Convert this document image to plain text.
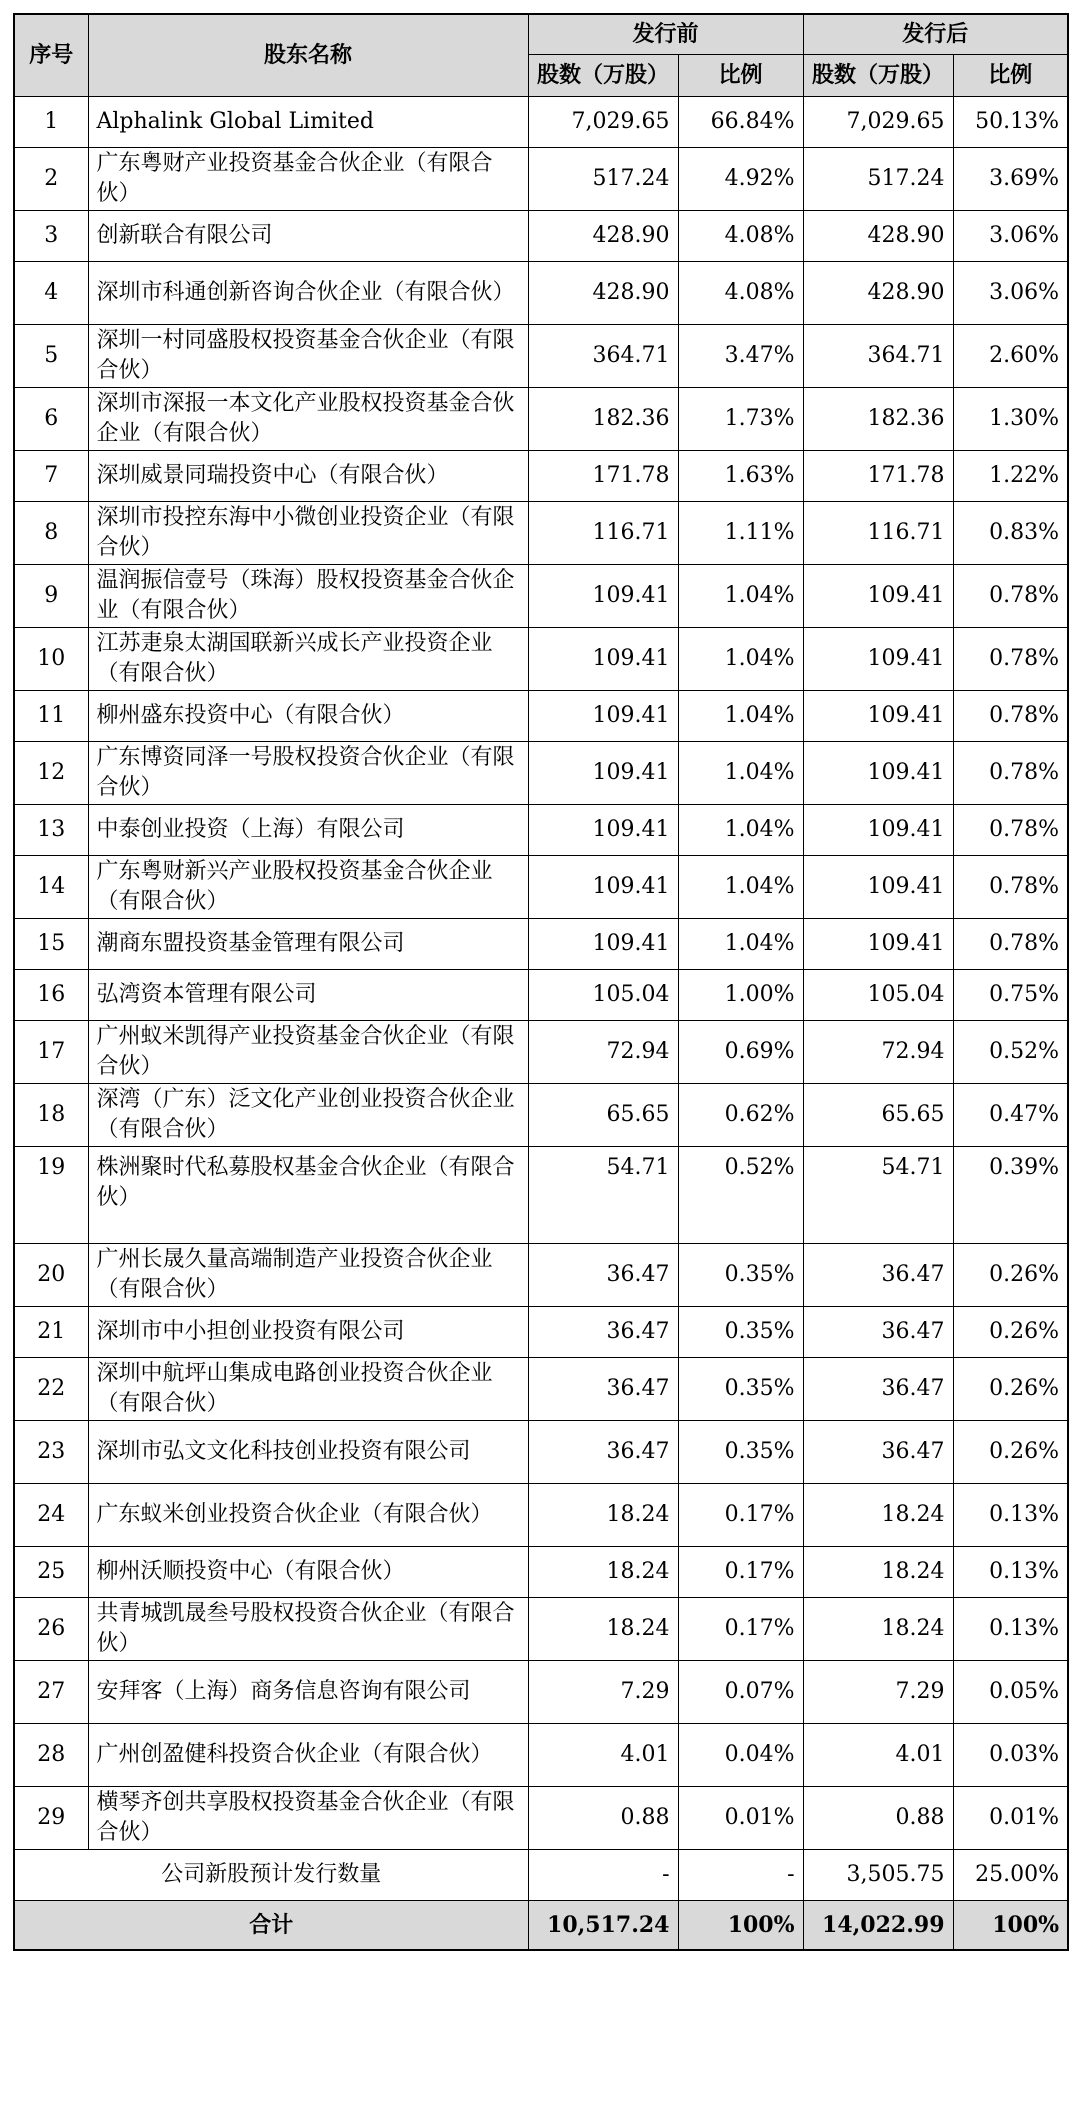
序号	股东名称	发行前		发行后	
		股数（万股）	比例	股数（万股）	比例
1	Alphalink Global Limited	7,029.65	66.84%	7,029.65	50.13%
2	广东粤财产业投资基金合伙企业（有限合伙）	517.24	4.92%	517.24	3.69%
3	创新联合有限公司	428.90	4.08%	428.90	3.06%
4	深圳市科通创新咨询合伙企业（有限合伙）	428.90	4.08%	428.90	3.06%
5	深圳一村同盛股权投资基金合伙企业（有限合伙）	364.71	3.47%	364.71	2.60%
6	深圳市深报一本文化产业股权投资基金合伙企业（有限合伙）	182.36	1.73%	182.36	1.30%
7	深圳威景同瑞投资中心（有限合伙）	171.78	1.63%	171.78	1.22%
8	深圳市投控东海中小微创业投资企业（有限合伙）	116.71	1.11%	116.71	0.83%
9	温润振信壹号（珠海）股权投资基金合伙企业（有限合伙）	109.41	1.04%	109.41	0.78%
10	江苏疌泉太湖国联新兴成长产业投资企业（有限合伙）	109.41	1.04%	109.41	0.78%
11	柳州盛东投资中心（有限合伙）	109.41	1.04%	109.41	0.78%
12	广东博资同泽一号股权投资合伙企业（有限合伙）	109.41	1.04%	109.41	0.78%
13	中泰创业投资（上海）有限公司	109.41	1.04%	109.41	0.78%
14	广东粤财新兴产业股权投资基金合伙企业（有限合伙）	109.41	1.04%	109.41	0.78%
15	潮商东盟投资基金管理有限公司	109.41	1.04%	109.41	0.78%
16	弘湾资本管理有限公司	105.04	1.00%	105.04	0.75%
17	广州蚁米凯得产业投资基金合伙企业（有限合伙）	72.94	0.69%	72.94	0.52%
18	深湾（广东）泛文化产业创业投资合伙企业（有限合伙）	65.65	0.62%	65.65	0.47%
19	株洲聚时代私募股权基金合伙企业（有限合伙）	54.71	0.52%	54.71	0.39%
20	广州长晟久量高端制造产业投资合伙企业（有限合伙）	36.47	0.35%	36.47	0.26%
21	深圳市中小担创业投资有限公司	36.47	0.35%	36.47	0.26%
22	深圳中航坪山集成电路创业投资合伙企业（有限合伙）	36.47	0.35%	36.47	0.26%
23	深圳市弘文文化科技创业投资有限公司	36.47	0.35%	36.47	0.26%
24	广东蚁米创业投资合伙企业（有限合伙）	18.24	0.17%	18.24	0.13%
25	柳州沃顺投资中心（有限合伙）	18.24	0.17%	18.24	0.13%
26	共青城凯晟叁号股权投资合伙企业（有限合伙）	18.24	0.17%	18.24	0.13%
27	安拜客（上海）商务信息咨询有限公司	7.29	0.07%	7.29	0.05%
28	广州创盈健科投资合伙企业（有限合伙）	4.01	0.04%	4.01	0.03%
29	横琴齐创共享股权投资基金合伙企业（有限合伙）	0.88	0.01%	0.88	0.01%
公司新股预计发行数量		-	-	3,505.75	25.00%
合计		10,517.24	100%	14,022.99	100%
